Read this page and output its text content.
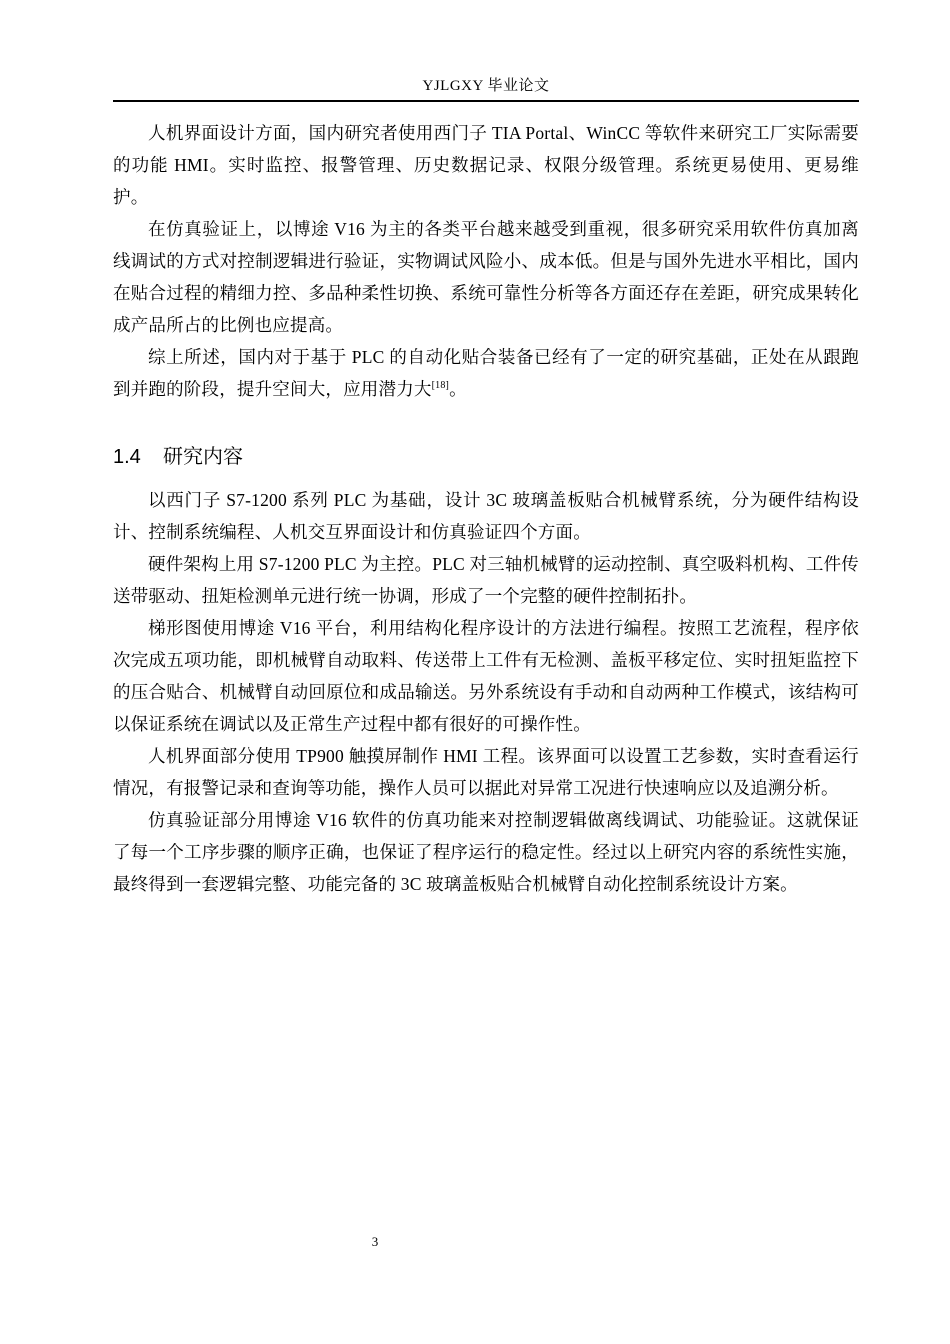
YJLGXY 毕业论文

人机界面设计方面，国内研究者使用西门子 TIA Portal、WinCC 等软件来研究工厂实际需要的功能 HMI。实时监控、报警管理、历史数据记录、权限分级管理。系统更易使用、更易维护。

在仿真验证上，以博途 V16 为主的各类平台越来越受到重视，很多研究采用软件仿真加离线调试的方式对控制逻辑进行验证，实物调试风险小、成本低。但是与国外先进水平相比，国内在贴合过程的精细力控、多品种柔性切换、系统可靠性分析等各方面还存在差距，研究成果转化成产品所占的比例也应提高。

综上所述，国内对于基于 PLC 的自动化贴合装备已经有了一定的研究基础，正处在从跟跑到并跑的阶段，提升空间大，应用潜力大[18]。

1.4 研究内容

以西门子 S7-1200 系列 PLC 为基础，设计 3C 玻璃盖板贴合机械臂系统，分为硬件结构设计、控制系统编程、人机交互界面设计和仿真验证四个方面。

硬件架构上用 S7-1200 PLC 为主控。PLC 对三轴机械臂的运动控制、真空吸料机构、工件传送带驱动、扭矩检测单元进行统一协调，形成了一个完整的硬件控制拓扑。

梯形图使用博途 V16 平台，利用结构化程序设计的方法进行编程。按照工艺流程，程序依次完成五项功能，即机械臂自动取料、传送带上工件有无检测、盖板平移定位、实时扭矩监控下的压合贴合、机械臂自动回原位和成品输送。另外系统设有手动和自动两种工作模式，该结构可以保证系统在调试以及正常生产过程中都有很好的可操作性。

人机界面部分使用 TP900 触摸屏制作 HMI 工程。该界面可以设置工艺参数，实时查看运行情况，有报警记录和查询等功能，操作人员可以据此对异常工况进行快速响应以及追溯分析。

仿真验证部分用博途 V16 软件的仿真功能来对控制逻辑做离线调试、功能验证。这就保证了每一个工序步骤的顺序正确，也保证了程序运行的稳定性。经过以上研究内容的系统性实施，最终得到一套逻辑完整、功能完备的 3C 玻璃盖板贴合机械臂自动化控制系统设计方案。

3
